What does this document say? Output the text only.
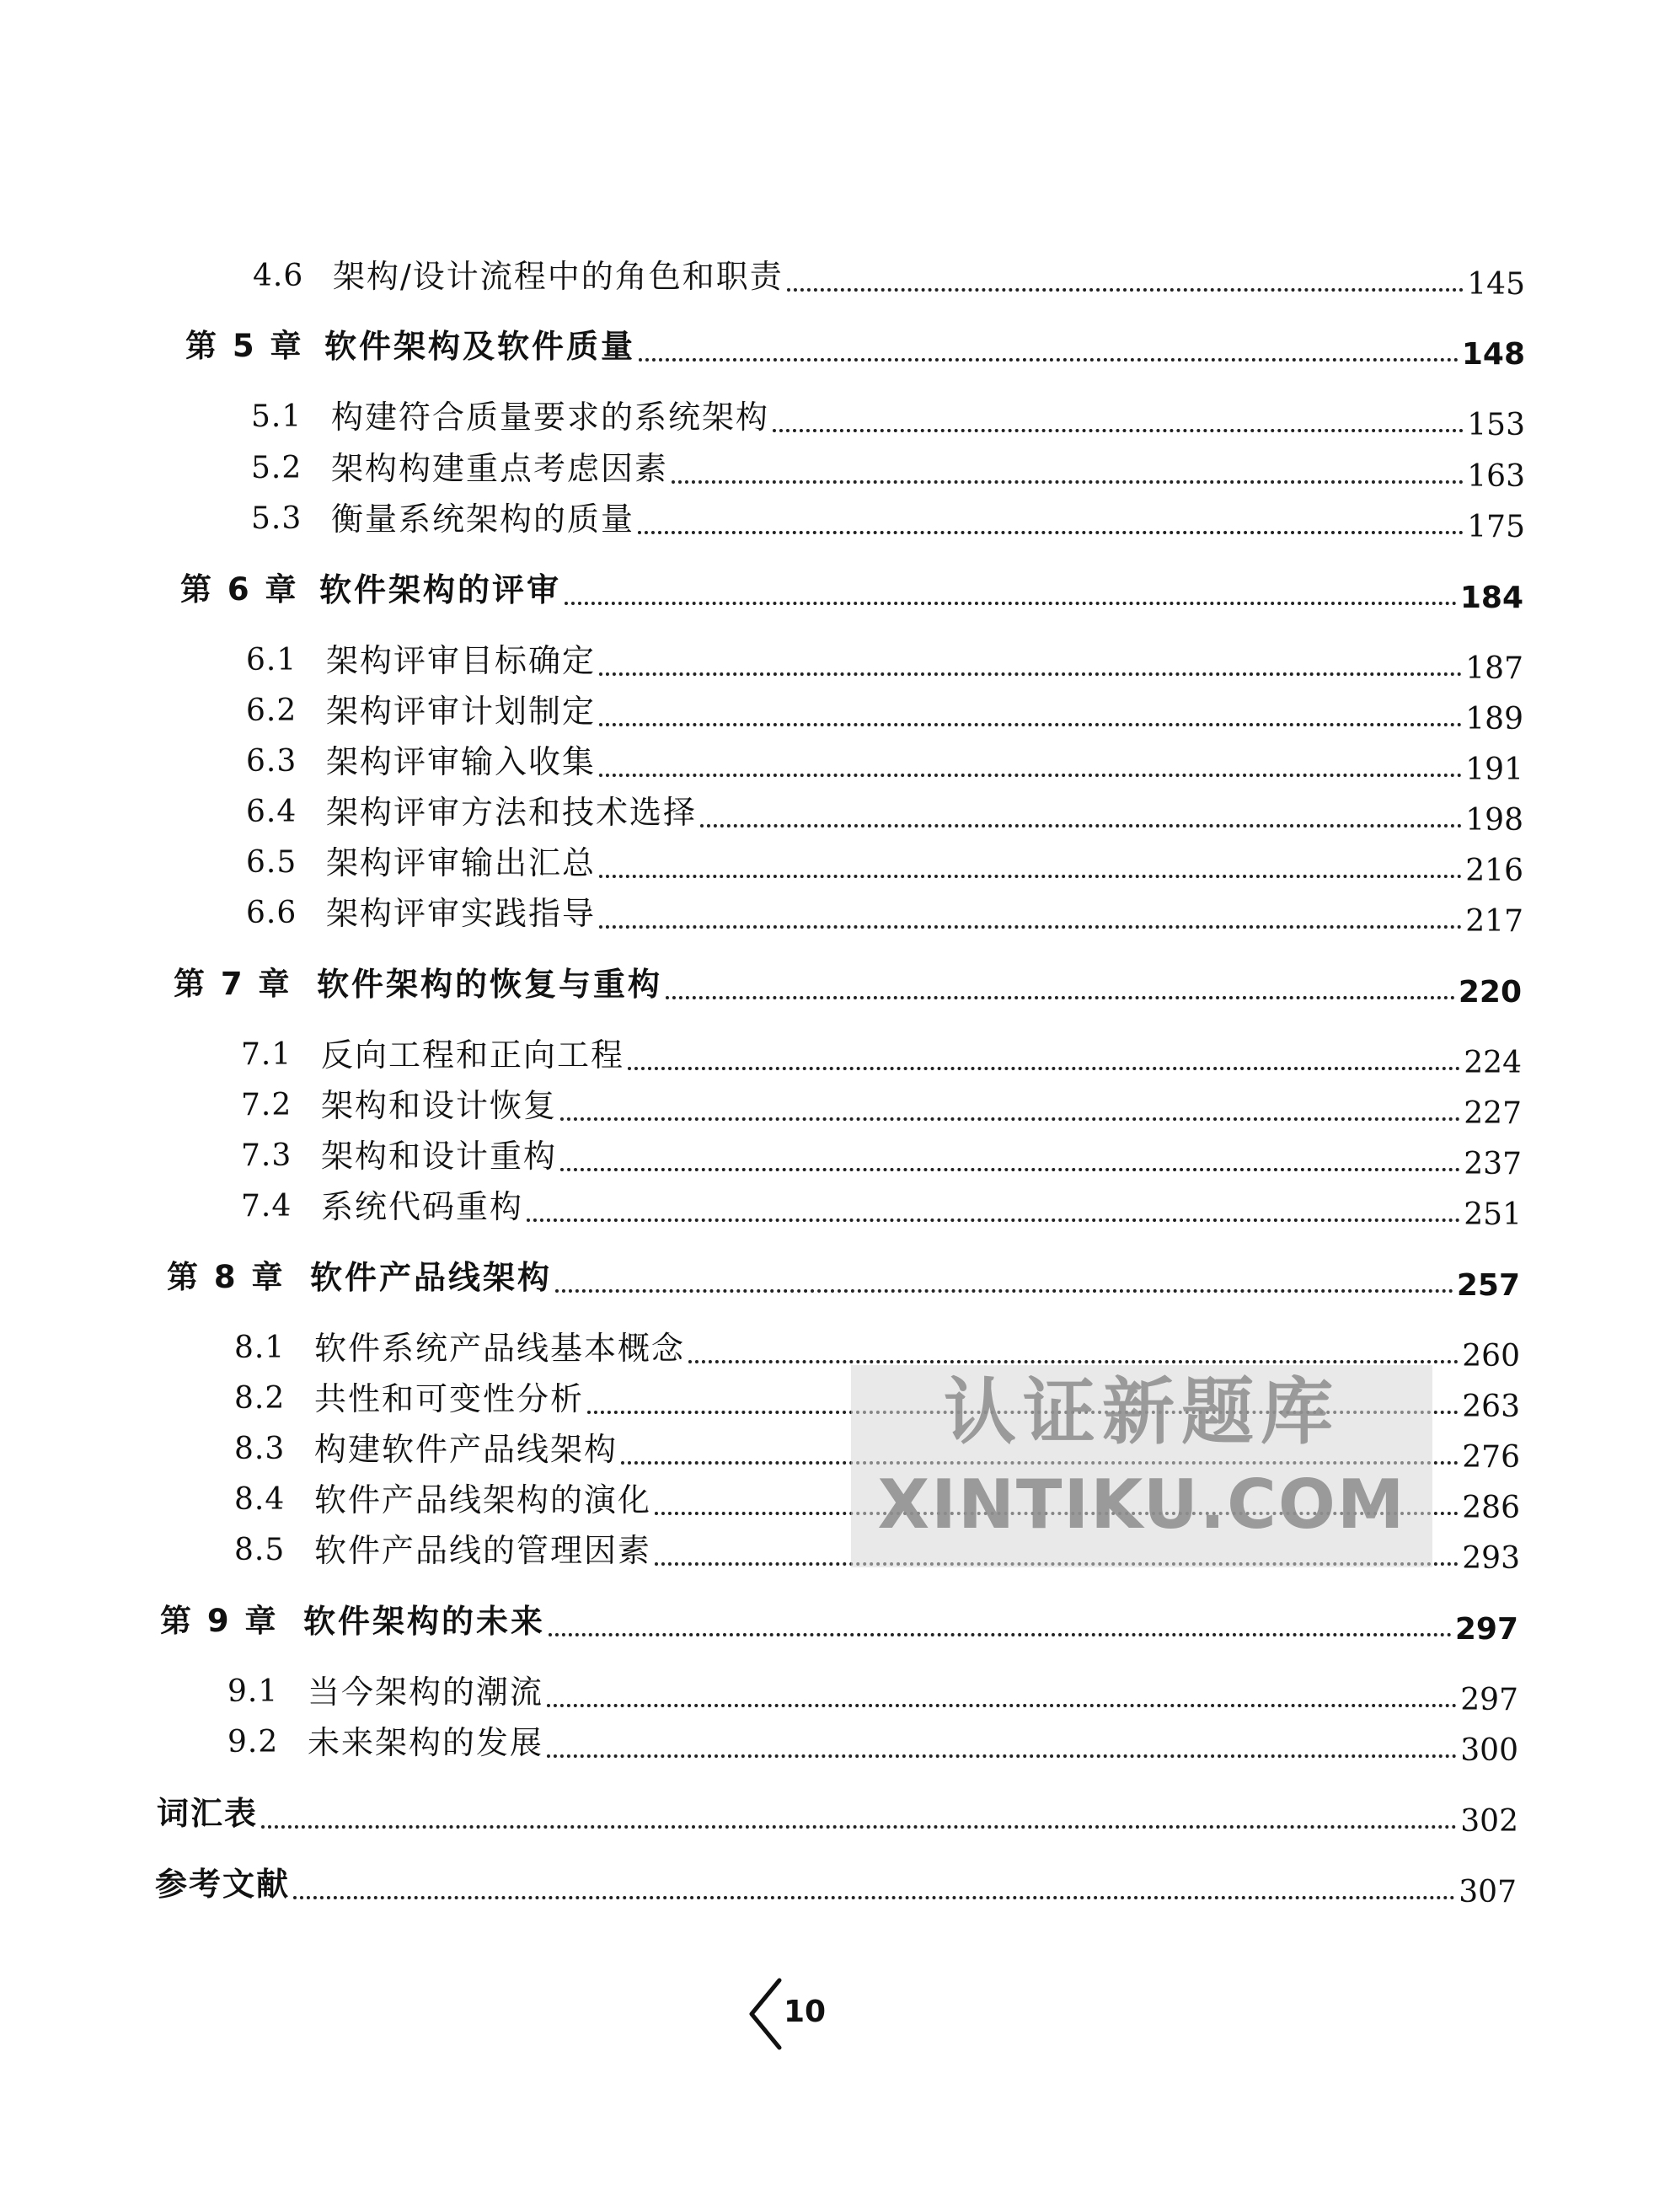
4.6 架构/设计流程中的角色和职责	145
第 5 章 软件架构及软件质量	148
5.1 构建符合质量要求的系统架构	153
5.2 架构构建重点考虑因素	163
5.3 衡量系统架构的质量	175
第 6 章 软件架构的评审	184
6.1 架构评审目标确定	187
6.2 架构评审计划制定	189
6.3 架构评审输入收集	191
6.4 架构评审方法和技术选择	198
6.5 架构评审输出汇总	216
6.6 架构评审实践指导	217
第 7 章 软件架构的恢复与重构	220
7.1 反向工程和正向工程	224
7.2 架构和设计恢复	227
7.3 架构和设计重构	237
7.4 系统代码重构	251
第 8 章 软件产品线架构	257
8.1 软件系统产品线基本概念	260
8.2 共性和可变性分析	263
8.3 构建软件产品线架构	276
8.4 软件产品线架构的演化	286
8.5 软件产品线的管理因素	293
第 9 章 软件架构的未来	297
9.1 当今架构的潮流	297
9.2 未来架构的发展	300
词汇表	302
参考文献	307
认证新题库
XINTIKU.COM
10
